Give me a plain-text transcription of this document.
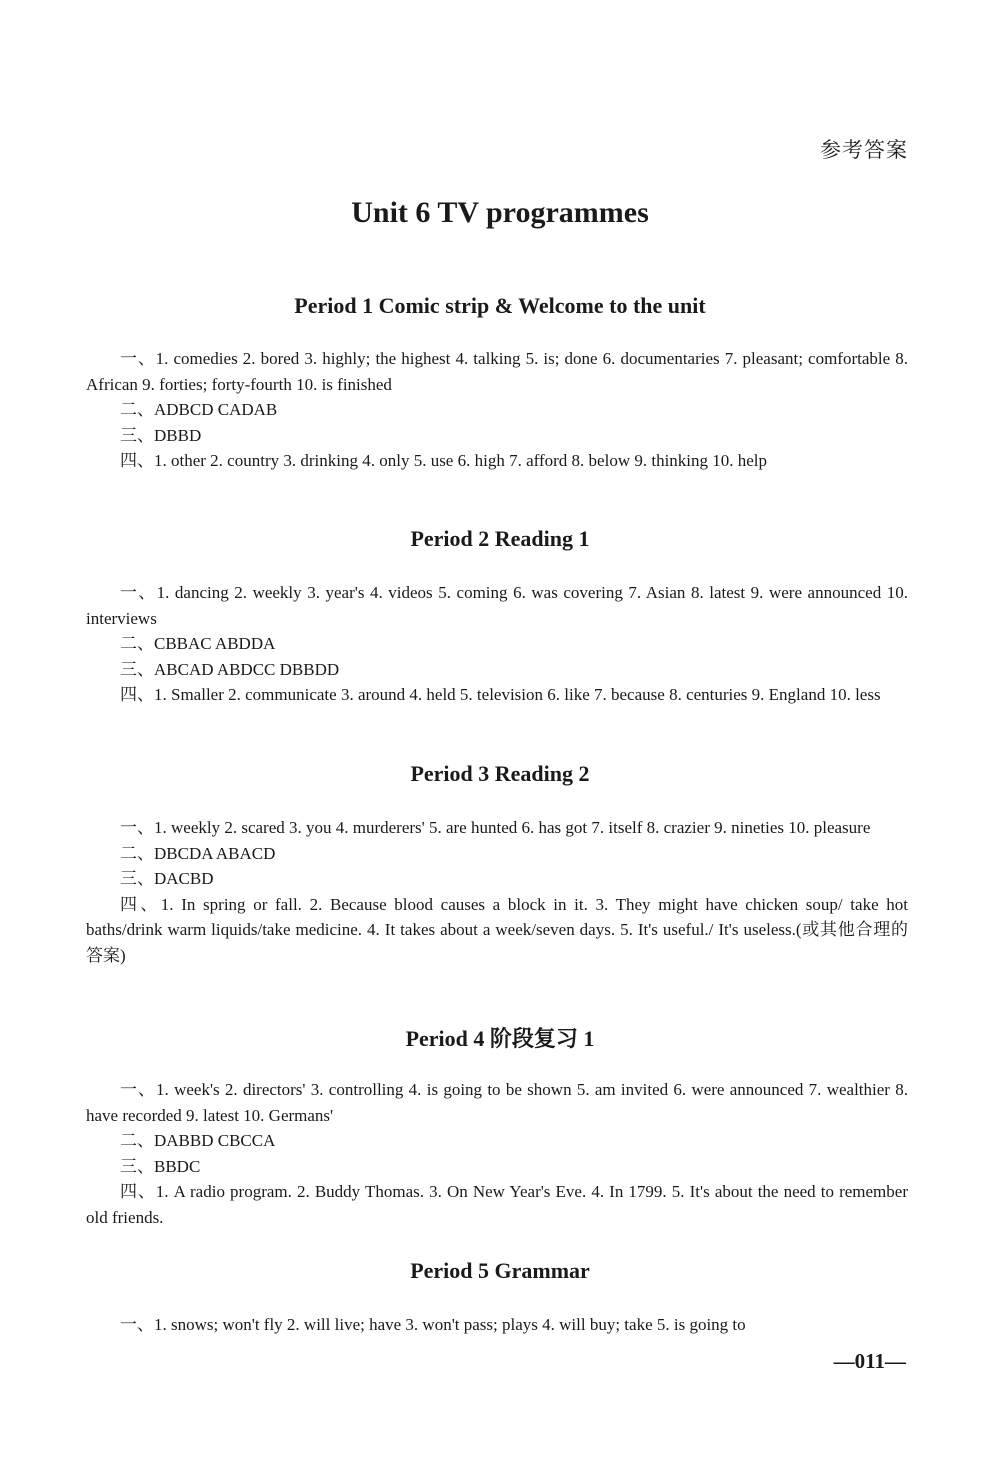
参考答案
Unit 6 TV programmes
Period 1 Comic strip & Welcome to the unit

一、1. comedies 2. bored 3. highly; the highest 4. talking 5. is; done 6. documentaries 7. pleasant; comfortable 8. African 9. forties; forty-fourth 10. is finished

二、ADBCD CADAB

三、DBBD

四、1. other 2. country 3. drinking 4. only 5. use 6. high 7. afford 8. below 9. thinking 10. help

Period 2 Reading 1

一、1. dancing 2. weekly 3. year's 4. videos 5. coming 6. was covering 7. Asian 8. latest 9. were announced 10. interviews

二、CBBAC ABDDA

三、ABCAD ABDCC DBBDD

四、1. Smaller 2. communicate 3. around 4. held 5. television 6. like 7. because 8. centuries 9. England 10. less

Period 3 Reading 2

一、1. weekly 2. scared 3. you 4. murderers' 5. are hunted 6. has got 7. itself 8. crazier 9. nineties 10. pleasure

二、DBCDA ABACD

三、DACBD

四、1. In spring or fall. 2. Because blood causes a block in it. 3. They might have chicken soup/ take hot baths/drink warm liquids/take medicine. 4. It takes about a week/seven days. 5. It's useful./ It's useless.(或其他合理的答案)

Period 4 阶段复习 1

一、1. week's 2. directors' 3. controlling 4. is going to be shown 5. am invited 6. were announced 7. wealthier 8. have recorded 9. latest 10. Germans'

二、DABBD CBCCA

三、BBDC

四、1. A radio program. 2. Buddy Thomas. 3. On New Year's Eve. 4. In 1799. 5. It's about the need to remember old friends.

Period 5 Grammar

一、1. snows; won't fly 2. will live; have 3. won't pass; plays 4. will buy; take 5. is going to

—011—
